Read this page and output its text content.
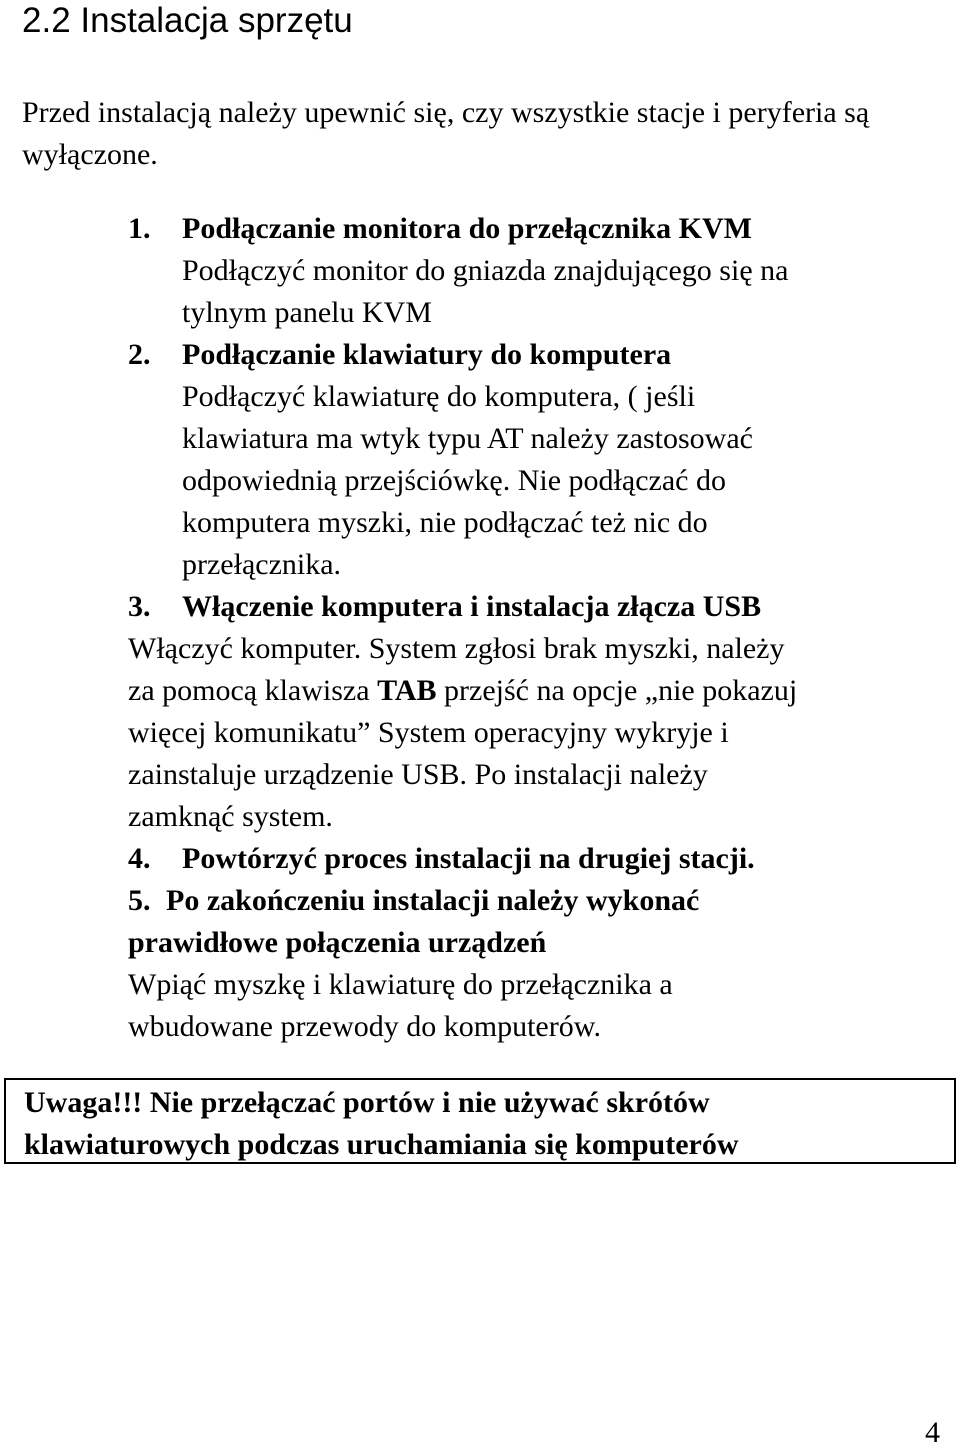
2.2 Instalacja sprzętu

Przed instalacją należy upewnić się, czy wszystkie stacje i peryferia są wyłączone.

1. Podłączanie monitora do przełącznika KVM
Podłączyć monitor do gniazda znajdującego się na
tylnym panelu KVM
2. Podłączanie klawiatury do komputera
Podłączyć klawiaturę do komputera, ( jeśli
klawiatura ma wtyk typu AT należy zastosować
odpowiednią przejściówkę. Nie podłączać do
komputera myszki, nie podłączać też nic do
przełącznika.
3. Włączenie komputera i instalacja złącza USB
Włączyć komputer. System zgłosi brak myszki, należy
za pomocą klawisza TAB przejść na opcje „nie pokazuj
więcej komunikatu” System operacyjny wykryje i
zainstaluje urządzenie USB. Po instalacji należy
zamknąć system.
4. Powtórzyć proces instalacji na drugiej stacji.
5. Po zakończeniu instalacji należy wykonać
prawidłowe połączenia urządzeń
Wpiąć myszkę i klawiaturę do przełącznika a
wbudowane przewody do komputerów.
Uwaga!!! Nie przełączać portów i nie używać skrótów
klawiaturowych podczas uruchamiania się komputerów
4
